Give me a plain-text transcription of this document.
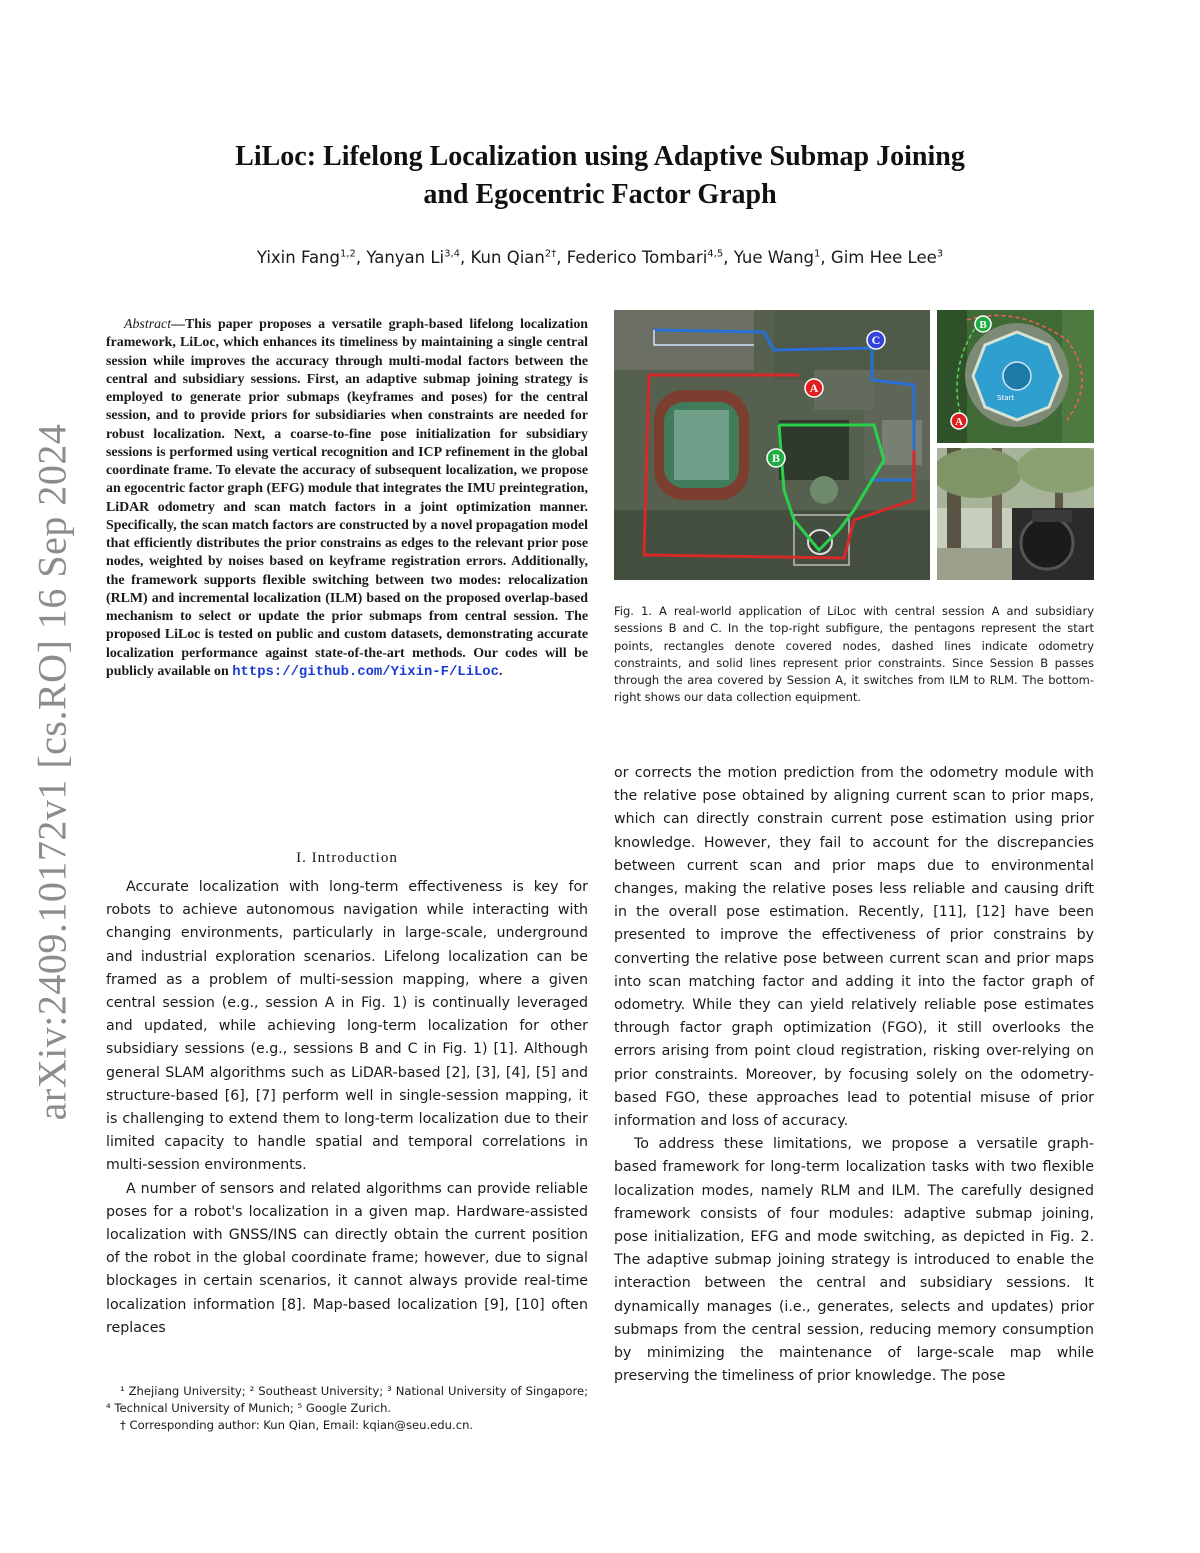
arXiv:2409.10172v1 [cs.RO] 16 Sep 2024
LiLoc: Lifelong Localization using Adaptive Submap Joining
and Egocentric Factor Graph
Yixin Fang$^{1,2}$, Yanyan Li$^{3,4}$, Kun Qian$^{2\dagger}$, Federico Tombari$^{4,5}$, Yue Wang$^1$, Gim Hee Lee$^3$
Abstract—This paper proposes a versatile graph-based lifelong localization framework, LiLoc, which enhances its timeliness by maintaining a single central session while improves the accuracy through multi-modal factors between the central and subsidiary sessions. First, an adaptive submap joining strategy is employed to generate prior submaps (keyframes and poses) for the central session, and to provide priors for subsidiaries when constraints are needed for robust localization. Next, a coarse-to-fine pose initialization for subsidiary sessions is performed using vertical recognition and ICP refinement in the global coordinate frame. To elevate the accuracy of subsequent localization, we propose an egocentric factor graph (EFG) module that integrates the IMU preintegration, LiDAR odometry and scan match factors in a joint optimization manner. Specifically, the scan match factors are constructed by a novel propagation model that efficiently distributes the prior constrains as edges to the relevant prior pose nodes, weighted by noises based on keyframe registration errors. Additionally, the framework supports flexible switching between two modes: relocalization (RLM) and incremental localization (ILM) based on the proposed overlap-based mechanism to select or update the prior submaps from central session. The proposed LiLoc is tested on public and custom datasets, demonstrating accurate localization performance against state-of-the-art methods. Our codes will be publicly available on https://github.com/Yixin-F/LiLoc.
I. Introduction

Accurate localization with long-term effectiveness is key for robots to achieve autonomous navigation while interacting with changing environments, particularly in large-scale, underground and industrial exploration scenarios. Lifelong localization can be framed as a problem of multi-session mapping, where a given central session (e.g., session A in Fig. 1) is continually leveraged and updated, while achieving long-term localization for other subsidiary sessions (e.g., sessions B and C in Fig. 1) [1]. Although general SLAM algorithms such as LiDAR-based [2], [3], [4], [5] and structure-based [6], [7] perform well in single-session mapping, it is challenging to extend them to long-term localization due to their limited capacity to handle spatial and temporal correlations in multi-session environments.

A number of sensors and related algorithms can provide reliable poses for a robot's localization in a given map. Hardware-assisted localization with GNSS/INS can directly obtain the current position of the robot in the global coordinate frame; however, due to signal blockages in certain scenarios, it cannot always provide real-time localization information [8]. Map-based localization [9], [10] often replaces

¹ Zhejiang University; ² Southeast University; ³ National University of Singapore; ⁴ Technical University of Munich; ⁵ Google Zurich.

† Corresponding author: Kun Qian, Email: kqian@seu.edu.cn.

A
B
C
B
A
Start
Fig. 1. A real-world application of LiLoc with central session A and subsidiary sessions B and C. In the top-right subfigure, the pentagons represent the start points, rectangles denote covered nodes, dashed lines indicate odometry constraints, and solid lines represent prior constraints. Since Session B passes through the area covered by Session A, it switches from ILM to RLM. The bottom-right shows our data collection equipment.

or corrects the motion prediction from the odometry module with the relative pose obtained by aligning current scan to prior maps, which can directly constrain current pose estimation using prior knowledge. However, they fail to account for the discrepancies between current scan and prior maps due to environmental changes, making the relative poses less reliable and causing drift in the overall pose estimation. Recently, [11], [12] have been presented to improve the effectiveness of prior constrains by converting the relative pose between current scan and prior maps into scan matching factor and adding it into the factor graph of odometry. While they can yield relatively reliable pose estimates through factor graph optimization (FGO), it still overlooks the errors arising from point cloud registration, risking over-relying on prior constraints. Moreover, by focusing solely on the odometry-based FGO, these approaches lead to potential misuse of prior information and loss of accuracy.

To address these limitations, we propose a versatile graph-based framework for long-term localization tasks with two flexible localization modes, namely RLM and ILM. The carefully designed framework consists of four modules: adaptive submap joining, pose initialization, EFG and mode switching, as depicted in Fig. 2. The adaptive submap joining strategy is introduced to enable the interaction between the central and subsidiary sessions. It dynamically manages (i.e., generates, selects and updates) prior submaps from the central session, reducing memory consumption by minimizing the maintenance of large-scale map while preserving the timeliness of prior knowledge. The pose
